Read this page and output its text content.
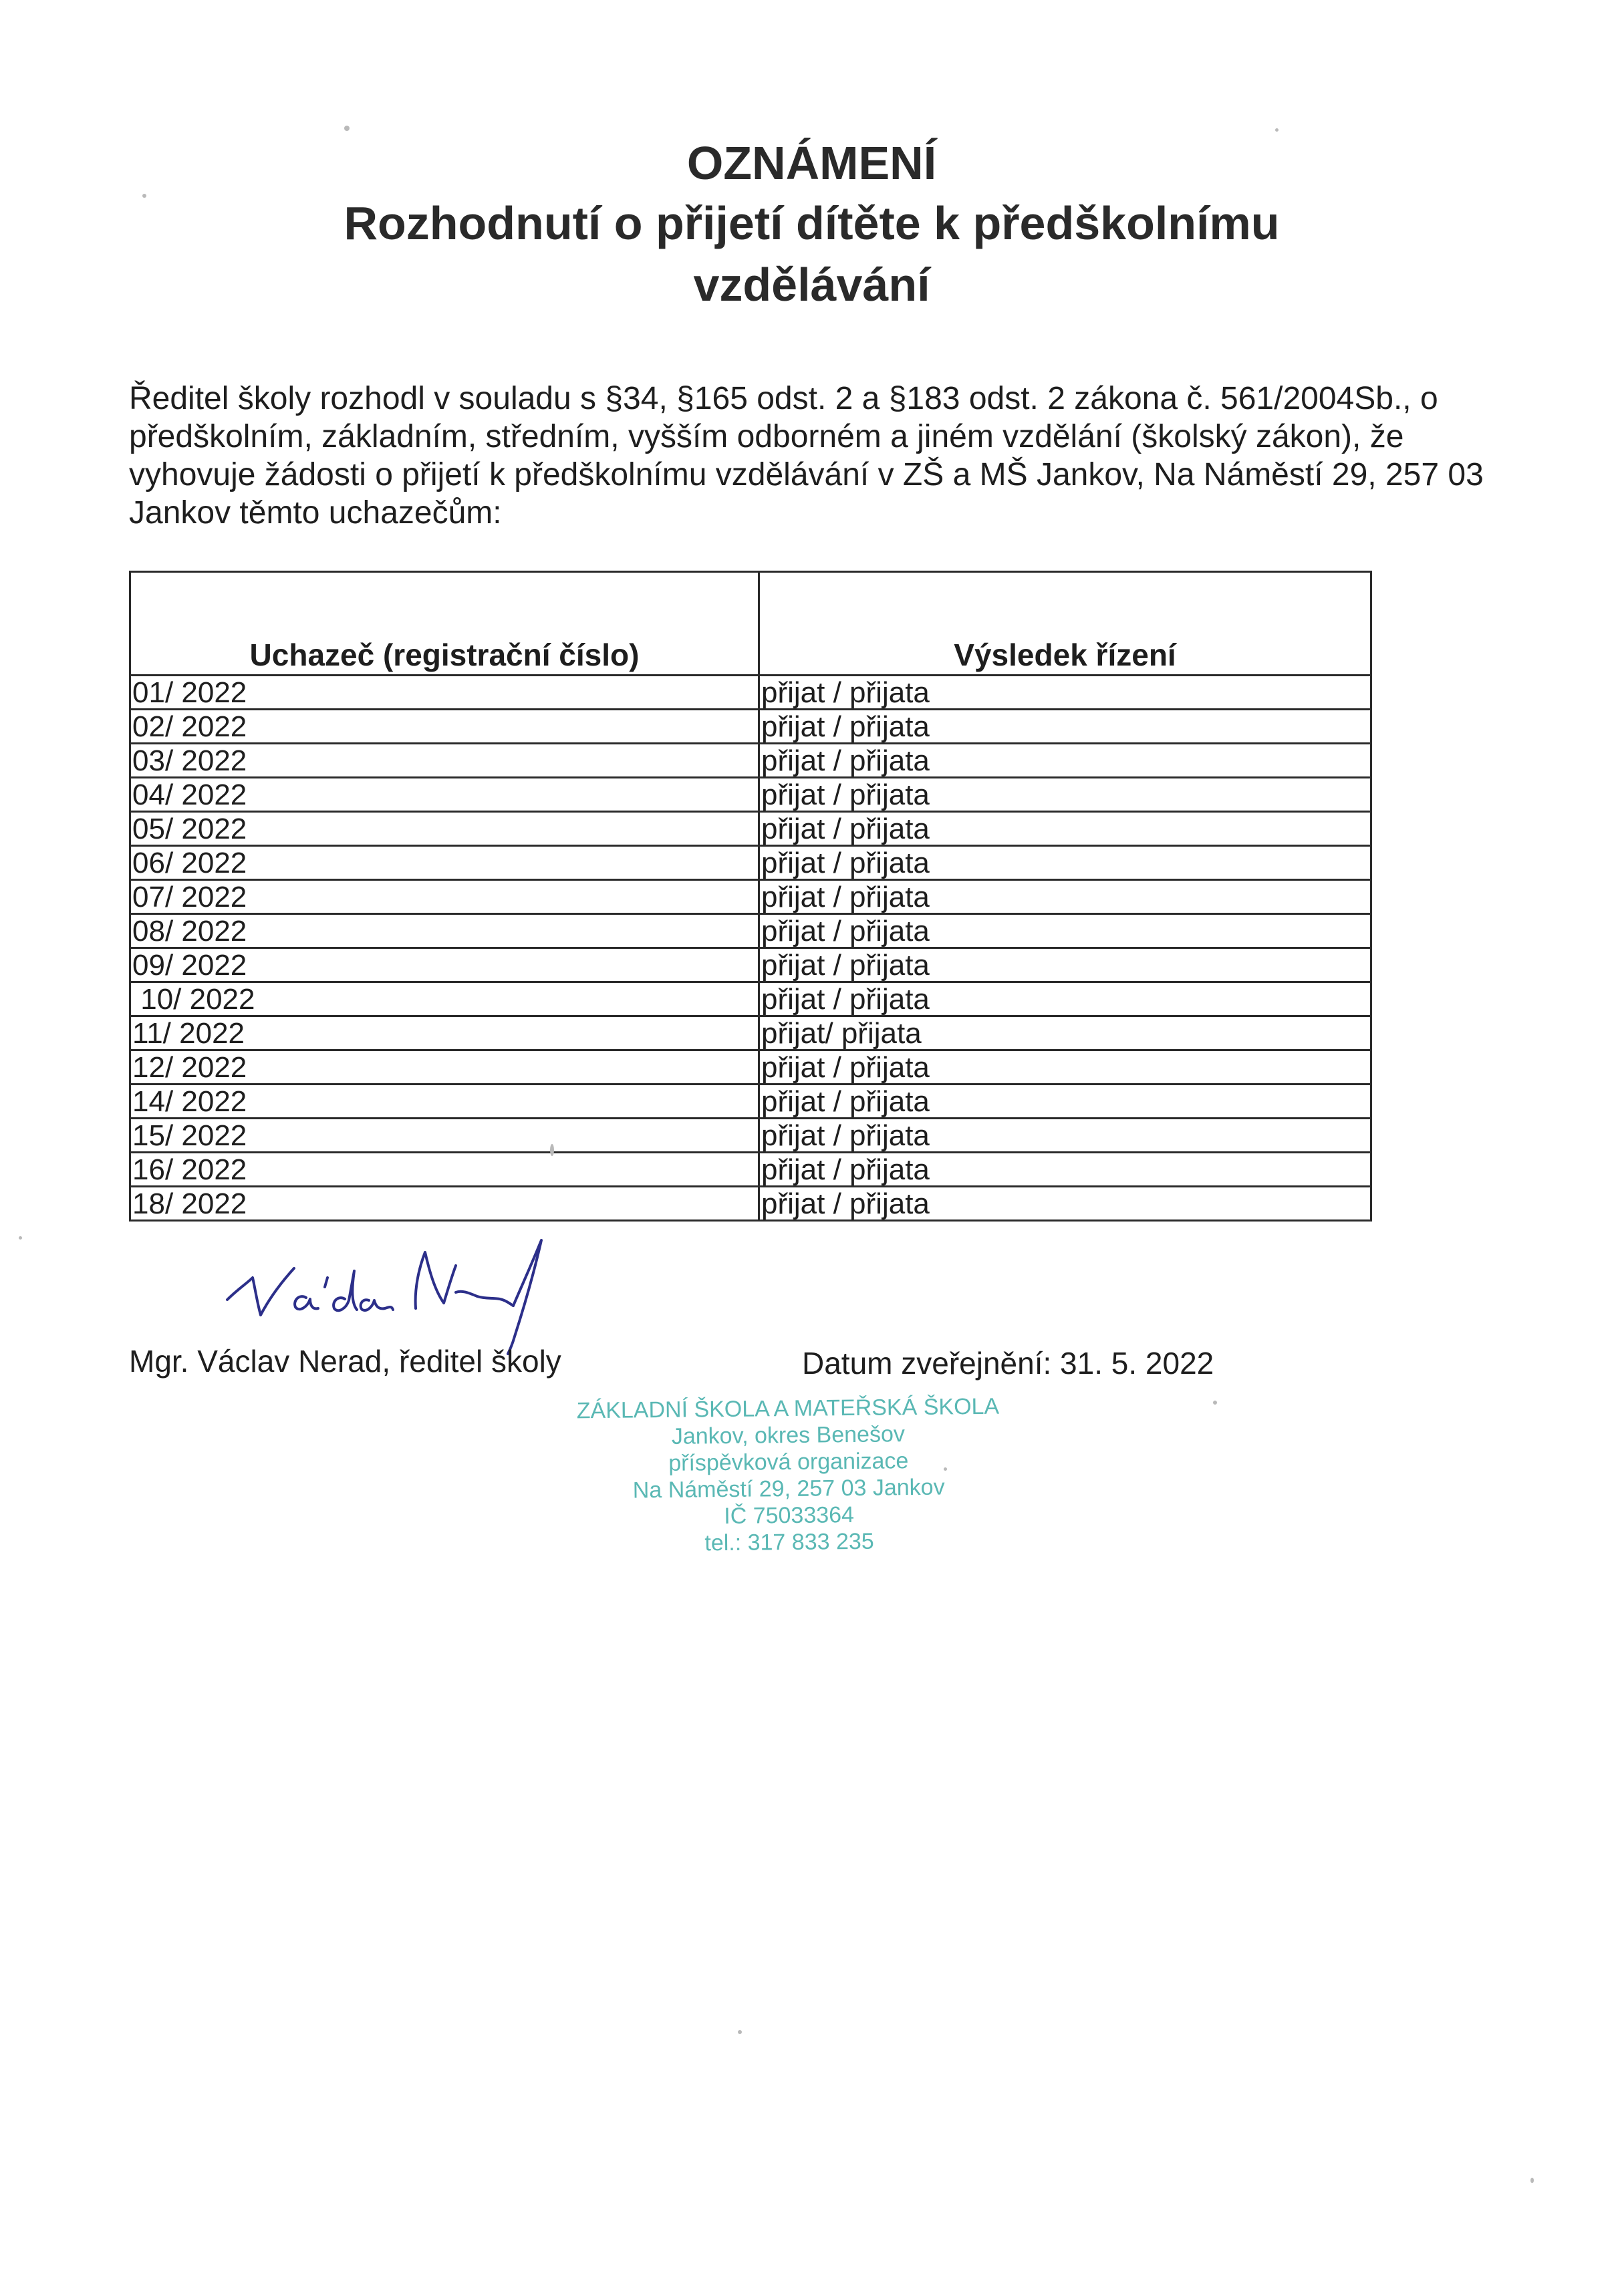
OZNÁMENÍ
Rozhodnutí o přijetí dítěte k předškolnímu
vzdělávání
Ředitel školy rozhodl v souladu s §34, §165 odst. 2 a §183 odst. 2 zákona č. 561/2004Sb., o
předškolním, základním, středním, vyšším odborném a jiném vzdělání (školský zákon), že
vyhovuje žádosti o přijetí k předškolnímu vzdělávání v ZŠ a MŠ Jankov, Na Náměstí 29, 257 03
Jankov těmto uchazečům:
Uchazeč (registrační číslo)	Výsledek řízení
01/ 2022	přijat / přijata
02/ 2022	přijat / přijata
03/ 2022	přijat / přijata
04/ 2022	přijat / přijata
05/ 2022	přijat / přijata
06/ 2022	přijat / přijata
07/ 2022	přijat / přijata
08/ 2022	přijat / přijata
09/ 2022	přijat / přijata
10/ 2022	přijat / přijata
11/ 2022	přijat/ přijata
12/ 2022	přijat / přijata
14/ 2022	přijat / přijata
15/ 2022	přijat / přijata
16/ 2022	přijat / přijata
18/ 2022	přijat / přijata
Mgr. Václav Nerad, ředitel školy	Datum zveřejnění: 31. 5. 2022
ZÁKLADNÍ ŠKOLA A MATEŘSKÁ ŠKOLA
Jankov, okres Benešov
příspěvková organizace
Na Náměstí 29, 257 03 Jankov
IČ 75033364
tel.: 317 833 235
